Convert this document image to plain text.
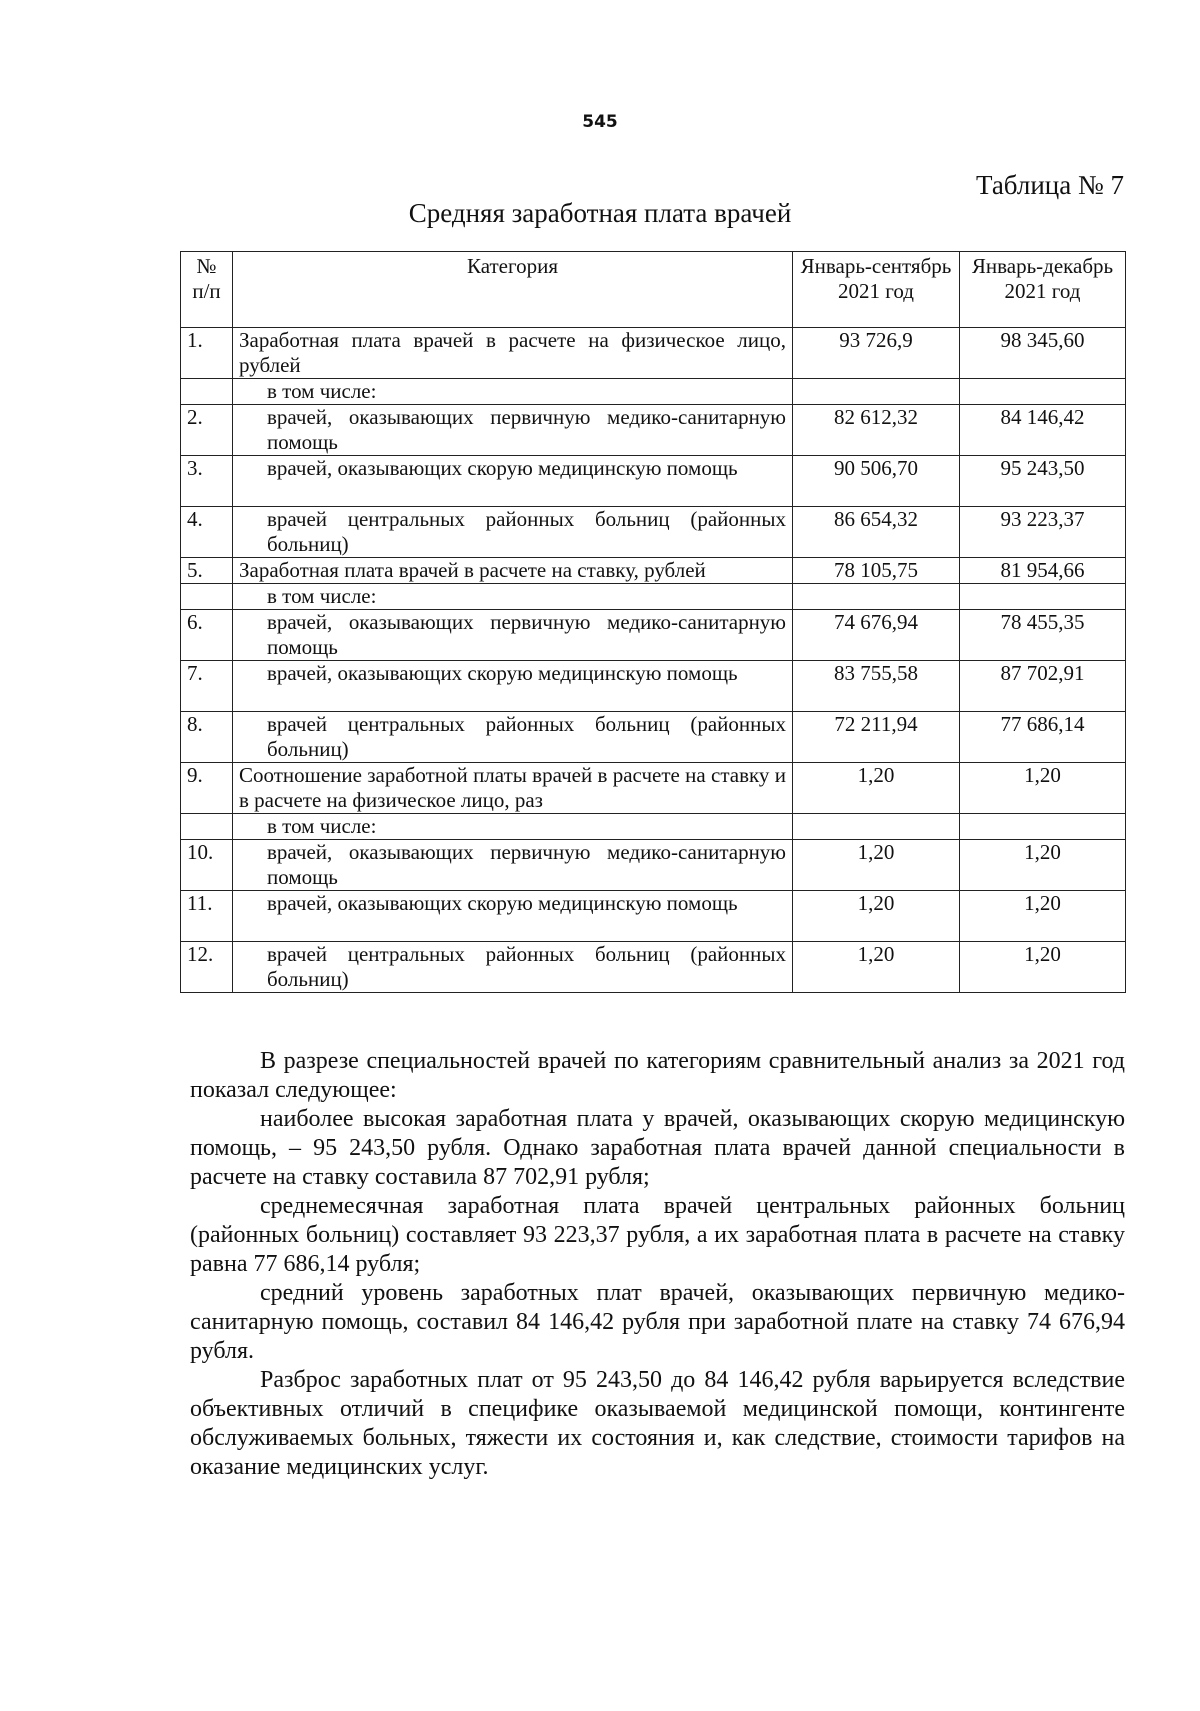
545
Таблица № 7
Средняя заработная плата врачей
№ п/п	Категория	Январь-сентябрь 2021 год	Январь-декабрь 2021 год
1.	Заработная плата врачей в расчете на физическое лицо, рублей	93 726,9	98 345,60
	в том числе:		
2.	врачей, оказывающих первичную медико-санитарную помощь	82 612,32	84 146,42
3.	врачей, оказывающих скорую медицинскую помощь	90 506,70	95 243,50
4.	врачей центральных районных больниц (районных больниц)	86 654,32	93 223,37
5.	Заработная плата врачей в расчете на ставку, рублей	78 105,75	81 954,66
	в том числе:		
6.	врачей, оказывающих первичную медико-санитарную помощь	74 676,94	78 455,35
7.	врачей, оказывающих скорую медицинскую помощь	83 755,58	87 702,91
8.	врачей центральных районных больниц (районных больниц)	72 211,94	77 686,14
9.	Соотношение заработной платы врачей в расчете на ставку и в расчете на физическое лицо, раз	1,20	1,20
	в том числе:		
10.	врачей, оказывающих первичную медико-санитарную помощь	1,20	1,20
11.	врачей, оказывающих скорую медицинскую помощь	1,20	1,20
12.	врачей центральных районных больниц (районных больниц)	1,20	1,20

В разрезе специальностей врачей по категориям сравнительный анализ за 2021 год показал следующее:

наиболее высокая заработная плата у врачей, оказывающих скорую медицинскую помощь, – 95 243,50 рубля. Однако заработная плата врачей данной специальности в расчете на ставку составила 87 702,91 рубля;

среднемесячная заработная плата врачей центральных районных больниц (районных больниц) составляет 93 223,37 рубля, а их заработная плата в расчете на ставку равна 77 686,14 рубля;

средний уровень заработных плат врачей, оказывающих первичную медико-санитарную помощь, составил 84 146,42 рубля при заработной плате на ставку 74 676,94 рубля.

Разброс заработных плат от 95 243,50 до 84 146,42 рубля варьируется вследствие объективных отличий в специфике оказываемой медицинской помощи, контингенте обслуживаемых больных, тяжести их состояния и, как следствие, стоимости тарифов на оказание медицинских услуг.
